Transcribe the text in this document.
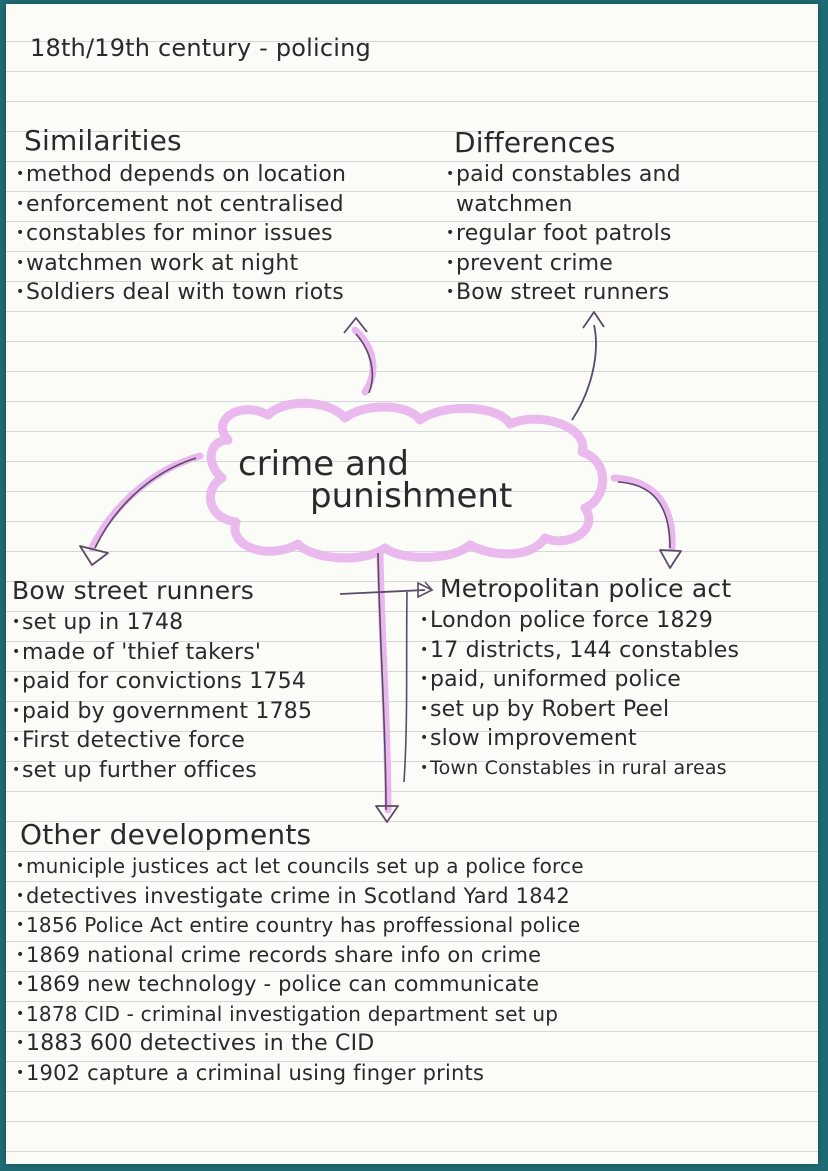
18th/19th century - policing
Similarities
• method depends on location
• enforcement not centralised
• constables for minor issues
• watchmen work at night
• Soldiers deal with town riots
Differences
• paid constables and watchmen
• regular foot patrols
• prevent crime
• Bow street runners
crime and
punishment
Bow street runners
• set up in 1748
• made of 'thief takers'
• paid for convictions 1754
• paid by government 1785
• First detective force
• set up further offices
Metropolitan police act
• London police force 1829
• 17 districts, 144 constables
• paid, uniformed police
• set up by Robert Peel
• slow improvement
• Town Constables in rural areas
Other developments
• municiple justices act let councils set up a police force
• detectives investigate crime in Scotland Yard 1842
• 1856 Police Act entire country has proffessional police
• 1869 national crime records share info on crime
• 1869 new technology - police can communicate
• 1878 CID - criminal investigation department set up
• 1883 600 detectives in the CID
• 1902 capture a criminal using finger prints
